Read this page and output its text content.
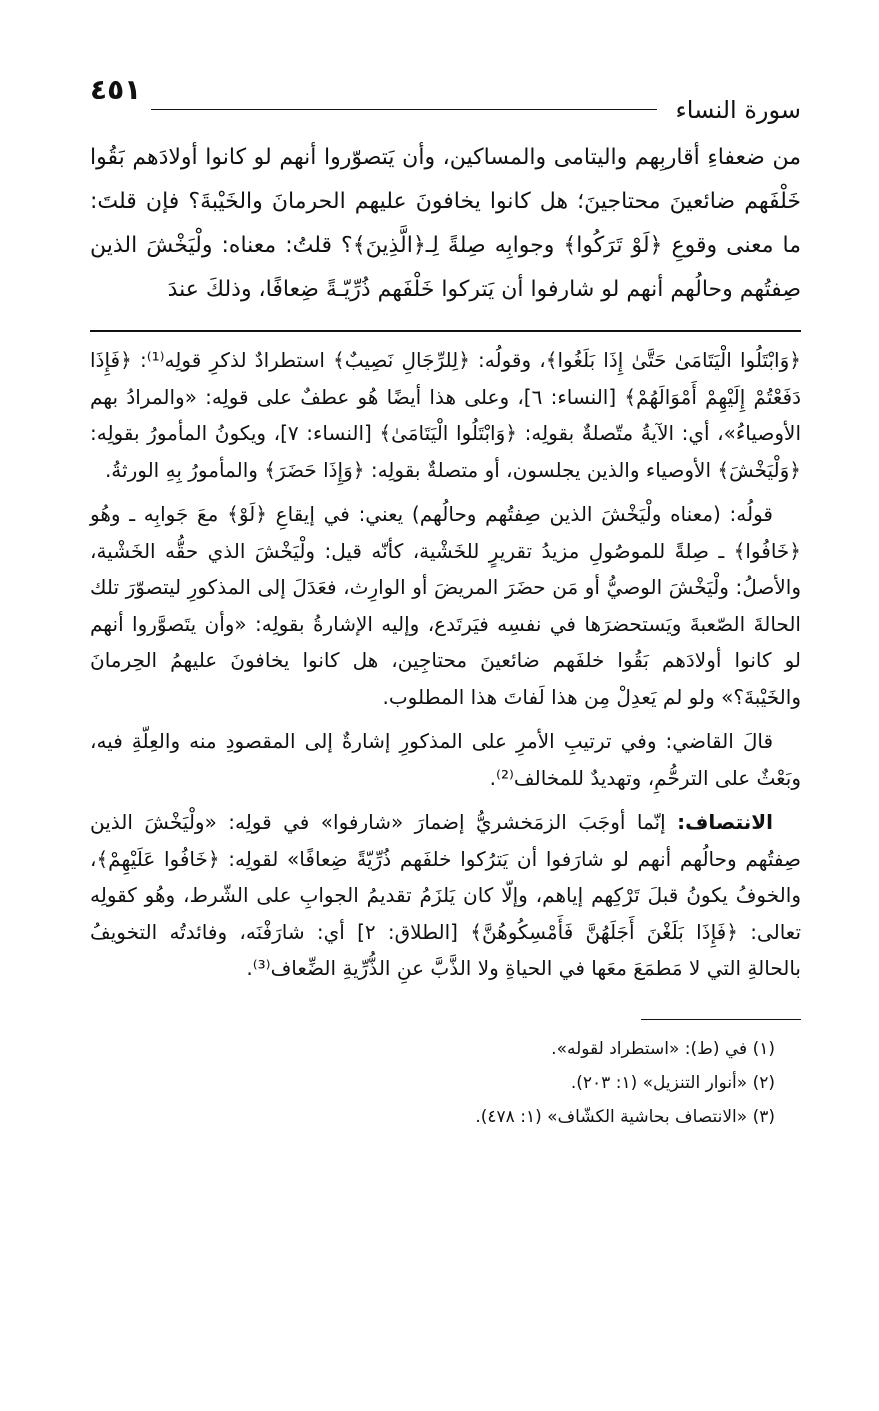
سورة النساء
٤٥١

من ضعفاءِ أقاربِهم واليتامى والمساكين، وأن يَتصوّروا أنهم لو كانوا أولادَهم بَقُوا خَلْفَهم ضائعينَ محتاجينَ؛ هل كانوا يخافونَ عليهم الحرمانَ والخَيْبةَ؟ فإن قلتَ: ما معنى وقوعِ ﴿لَوْ تَرَكُوا﴾ وجوابِه صِلةً لِـ﴿الَّذِينَ﴾؟ قلتُ: معناه: ولْيَخْشَ الذين صِفتُهم وحالُهم أنهم لو شارفوا أن يَتركوا خَلْفَهم ذُرِّيّـةً ضِعافًا، وذلكَ عندَ

﴿وَابْتَلُوا الْيَتَامَىٰ حَتَّىٰ إِذَا بَلَغُوا﴾، وقولُه: ﴿لِلرِّجَالِ نَصِيبٌ﴾ استطرادٌ لذكرِ قولِه⁽¹⁾: ﴿فَإِذَا دَفَعْتُمْ إِلَيْهِمْ أَمْوَالَهُمْ﴾ [النساء: ٦]، وعلى هذا أيضًا هُو عطفٌ على قولِه: «والمرادُ بهم الأوصياءُ»، أي: الآيةُ متّصلةٌ بقولِه: ﴿وَابْتَلُوا الْيَتَامَىٰ﴾ [النساء: ٧]، ويكونُ المأمورُ بقولِه: ﴿وَلْيَخْشَ﴾ الأوصياء والذين يجلسون، أو متصلةٌ بقولِه: ﴿وَإِذَا حَضَرَ﴾ والمأمورُ بِهِ الورثةُ.

قولُه: (معناه ولْيَخْشَ الذين صِفتُهم وحالُهم) يعني: في إيقاعِ ﴿لَوْ﴾ معَ جَوابِه ـ وهُو ﴿خَافُوا﴾ ـ صِلةً للموصُولِ مزيدُ تقريرٍ للخَشْية، كأنّه قيل: ولْيَخْشَ الذي حقُّه الخَشْية، والأصلُ: ولْيَخْشَ الوصيُّ أو مَن حضَرَ المريضَ أو الوارِث، فعَدَلَ إلى المذكورِ ليتصوّرَ تلك الحالةَ الصّعبةَ ويَستحضرَها في نفسِه فيَرتَدع، وإليه الإشارةُ بقولِه: «وأن يتَصوَّروا أنهم لو كانوا أولادَهم بَقُوا خلفَهم ضائعينَ محتاجِين، هل كانوا يخافونَ عليهمُ الحِرمانَ والخَيْبةَ؟» ولو لم يَعدِلْ مِن هذا لَفاتَ هذا المطلوب.

قالَ القاضي: وفي ترتيبِ الأمرِ على المذكورِ إشارةٌ إلى المقصودِ منه والعِلّةِ فيه، وبَعْثٌ على الترحُّمِ، وتهديدٌ للمخالف⁽²⁾.

الانتصاف: إنّما أوجَبَ الزمَخشريُّ إضمارَ «شارفوا» في قولِه: «ولْيَخْشَ الذين صِفتُهم وحالُهم أنهم لو شارَفوا أن يَترُكوا خلفَهم ذُرِّيّةً ضِعافًا» لقولِه: ﴿خَافُوا عَلَيْهِمْ﴾، والخوفُ يكونُ قبلَ تَرْكِهم إياهم، وإلّا كان يَلزَمُ تقديمُ الجوابِ على الشّرط، وهُو كقولِه تعالى: ﴿فَإِذَا بَلَغْنَ أَجَلَهُنَّ فَأَمْسِكُوهُنَّ﴾ [الطلاق: ٢] أي: شارَفْنَه، وفائدتُه التخويفُ بالحالةِ التي لا مَطمَعَ معَها في الحياةِ ولا الذَّبَّ عنِ الذُّرِّيةِ الضِّعاف⁽³⁾.

(١) في (ط): «استطراد لقوله».
(٢) «أنوار التنزيل» (١: ٢٠٣).
(٣) «الانتصاف بحاشية الكشّاف» (١: ٤٧٨).
